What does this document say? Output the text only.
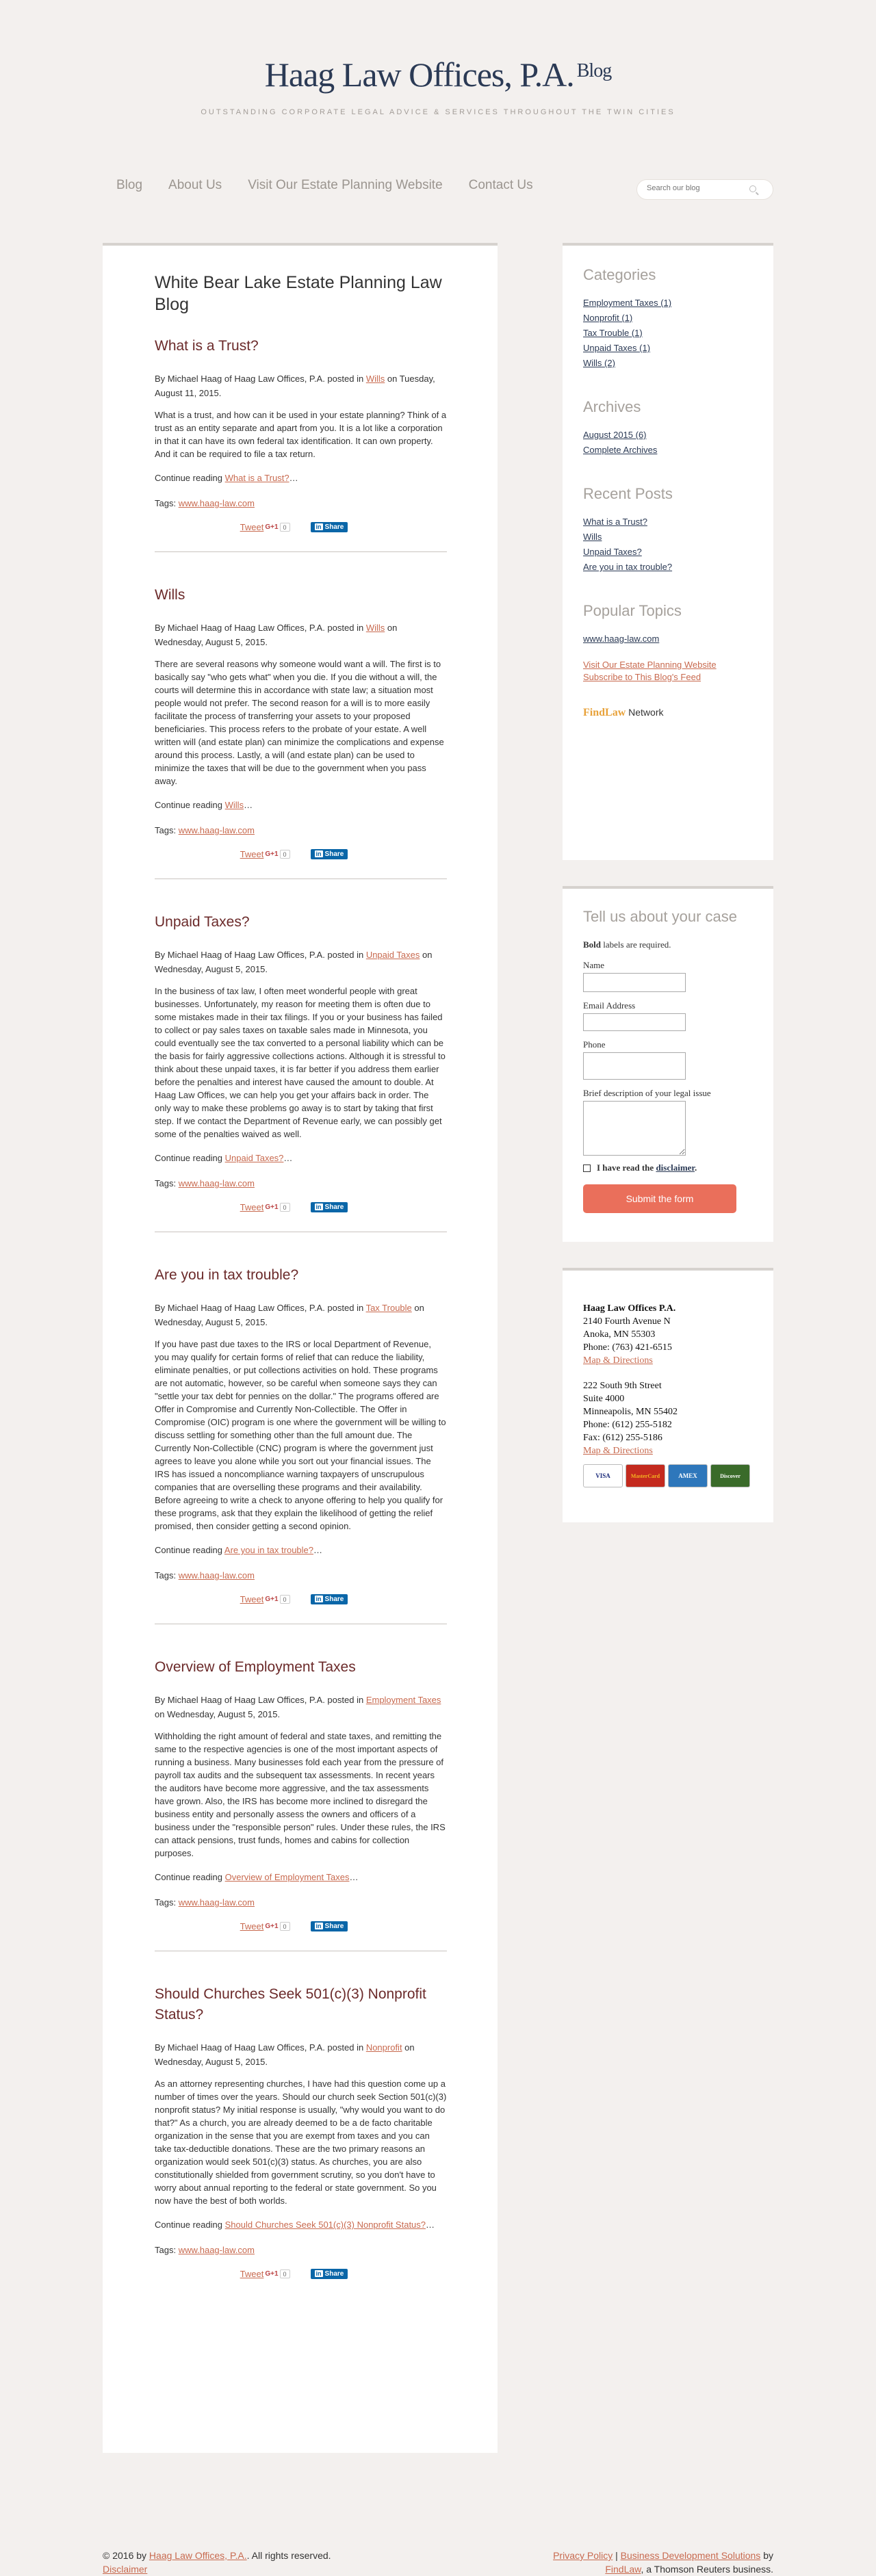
Haag Law Offices, P.A. $^{Blog}$
OUTSTANDING CORPORATE LEGAL ADVICE & SERVICES THROUGHOUT THE TWIN CITIES
Blog About Us Visit Our Estate Planning Website Contact Us
Search our blog
White Bear Lake Estate Planning Law Blog
What is a Trust?

By Michael Haag of Haag Law Offices, P.A. posted in Wills on Tuesday, August 11, 2015.

What is a trust, and how can it be used in your estate planning? Think of a trust as an entity separate and apart from you. It is a lot like a corporation in that it can have its own federal tax identification. It can own property. And it can be required to file a tax return.

Continue reading What is a Trust?…

Tags: www.haag-law.com

Tweet G+1 0	in Share
Wills

By Michael Haag of Haag Law Offices, P.A. posted in Wills on Wednesday, August 5, 2015.

There are several reasons why someone would want a will. The first is to basically say "who gets what" when you die. If you die without a will, the courts will determine this in accordance with state law; a situation most people would not prefer. The second reason for a will is to more easily facilitate the process of transferring your assets to your proposed beneficiaries. This process refers to the probate of your estate. A well written will (and estate plan) can minimize the complications and expense around this process. Lastly, a will (and estate plan) can be used to minimize the taxes that will be due to the government when you pass away.

Continue reading Wills…

Tags: www.haag-law.com

Tweet G+1 0	in Share
Unpaid Taxes?

By Michael Haag of Haag Law Offices, P.A. posted in Unpaid Taxes on Wednesday, August 5, 2015.

In the business of tax law, I often meet wonderful people with great businesses. Unfortunately, my reason for meeting them is often due to some mistakes made in their tax filings. If you or your business has failed to collect or pay sales taxes on taxable sales made in Minnesota, you could eventually see the tax converted to a personal liability which can be the basis for fairly aggressive collections actions. Although it is stressful to think about these unpaid taxes, it is far better if you address them earlier before the penalties and interest have caused the amount to double. At Haag Law Offices, we can help you get your affairs back in order. The only way to make these problems go away is to start by taking that first step. If we contact the Department of Revenue early, we can possibly get some of the penalties waived as well.

Continue reading Unpaid Taxes?…

Tags: www.haag-law.com

Tweet G+1 0	in Share
Are you in tax trouble?

By Michael Haag of Haag Law Offices, P.A. posted in Tax Trouble on Wednesday, August 5, 2015.

If you have past due taxes to the IRS or local Department of Revenue, you may qualify for certain forms of relief that can reduce the liability, eliminate penalties, or put collections activities on hold. These programs are not automatic, however, so be careful when someone says they can "settle your tax debt for pennies on the dollar." The programs offered are Offer in Compromise and Currently Non-Collectible. The Offer in Compromise (OIC) program is one where the government will be willing to discuss settling for something other than the full amount due. The Currently Non-Collectible (CNC) program is where the government just agrees to leave you alone while you sort out your financial issues. The IRS has issued a noncompliance warning taxpayers of unscrupulous companies that are overselling these programs and their availability. Before agreeing to write a check to anyone offering to help you qualify for these programs, ask that they explain the likelihood of getting the relief promised, then consider getting a second opinion.

Continue reading Are you in tax trouble?…

Tags: www.haag-law.com

Tweet G+1 0	in Share
Overview of Employment Taxes

By Michael Haag of Haag Law Offices, P.A. posted in Employment Taxes on Wednesday, August 5, 2015.

Withholding the right amount of federal and state taxes, and remitting the same to the respective agencies is one of the most important aspects of running a business. Many businesses fold each year from the pressure of payroll tax audits and the subsequent tax assessments. In recent years the auditors have become more aggressive, and the tax assessments have grown. Also, the IRS has become more inclined to disregard the business entity and personally assess the owners and officers of a business under the "responsible person" rules. Under these rules, the IRS can attack pensions, trust funds, homes and cabins for collection purposes.

Continue reading Overview of Employment Taxes…

Tags: www.haag-law.com

Tweet G+1 0	in Share
Should Churches Seek 501(c)(3) Nonprofit Status?

By Michael Haag of Haag Law Offices, P.A. posted in Nonprofit on Wednesday, August 5, 2015.

As an attorney representing churches, I have had this question come up a number of times over the years. Should our church seek Section 501(c)(3) nonprofit status? My initial response is usually, "why would you want to do that?" As a church, you are already deemed to be a de facto charitable organization in the sense that you are exempt from taxes and you can take tax-deductible donations. These are the two primary reasons an organization would seek 501(c)(3) status. As churches, you are also constitutionally shielded from government scrutiny, so you don't have to worry about annual reporting to the federal or state government. So you now have the best of both worlds.

Continue reading Should Churches Seek 501(c)(3) Nonprofit Status?…

Tags: www.haag-law.com

Tweet G+1 0	in Share
Categories
Employment Taxes (1)
Nonprofit (1)
Tax Trouble (1)
Unpaid Taxes (1)
Wills (2)
Archives
August 2015 (6)
Complete Archives
Recent Posts
What is a Trust?
Wills
Unpaid Taxes?
Are you in tax trouble?
Popular Topics
www.haag-law.com
Visit Our Estate Planning Website
Subscribe to This Blog's Feed
FindLaw Network
Tell us about your case
Bold labels are required.
Name
Email Address
Phone
Brief description of your legal issue
I have read the disclaimer.
Submit the form
Haag Law Offices P.A.
2140 Fourth Avenue N
Anoka, MN 55303
Phone: (763) 421-6515
Map & Directions
222 South 9th Street
Suite 4000
Minneapolis, MN 55402
Phone: (612) 255-5182
Fax: (612) 255-5186
Map & Directions
VISA	MasterCard	AMEX	Discover
© 2016 by Haag Law Offices, P.A.. All rights reserved.
Disclaimer
Privacy Policy | Business Development Solutions by FindLaw, a Thomson Reuters business.
